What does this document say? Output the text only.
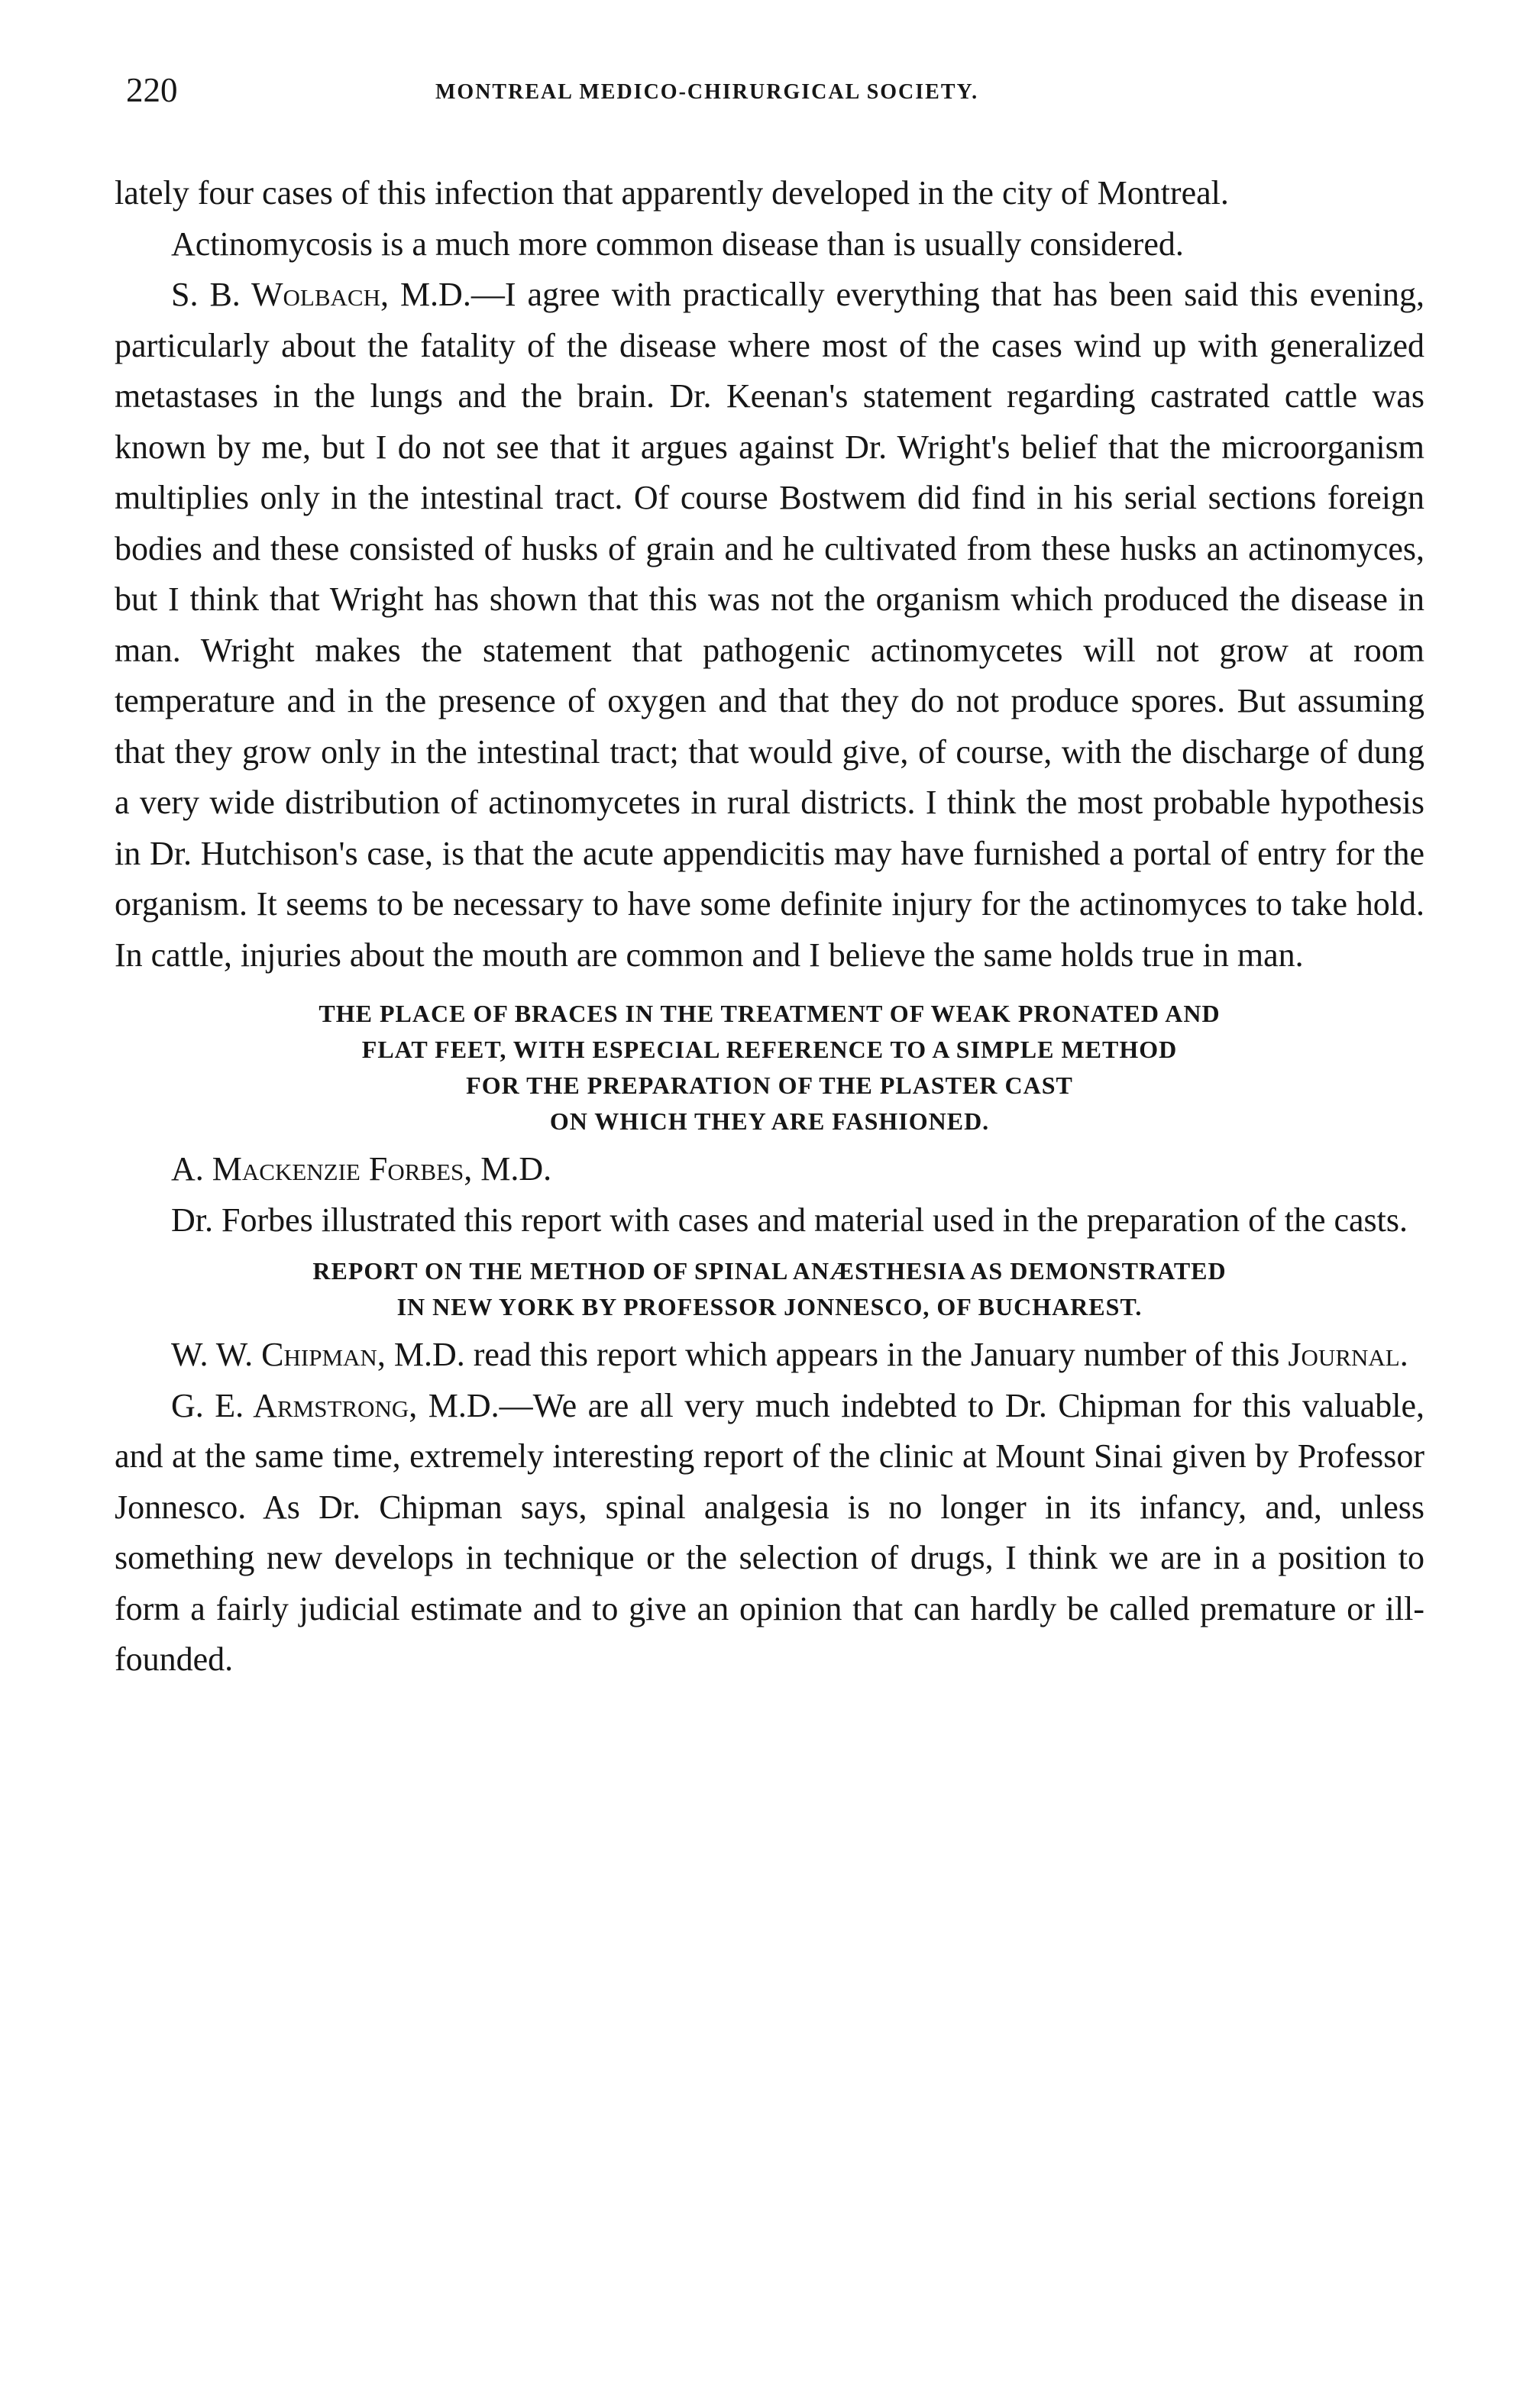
220	MONTREAL MEDICO-CHIRURGICAL SOCIETY.

lately four cases of this infection that apparently developed in the city of Montreal.

Actinomycosis is a much more common disease than is usually considered.

S. B. Wolbach, M.D.—I agree with practically everything that has been said this evening, particularly about the fatality of the disease where most of the cases wind up with generalized metastases in the lungs and the brain. Dr. Keenan's statement regarding castrated cattle was known by me, but I do not see that it argues against Dr. Wright's belief that the microorganism multiplies only in the intestinal tract. Of course Bostwem did find in his serial sections foreign bodies and these consisted of husks of grain and he cultivated from these husks an actinomyces, but I think that Wright has shown that this was not the organism which produced the disease in man. Wright makes the statement that pathogenic actinomycetes will not grow at room temperature and in the presence of oxygen and that they do not produce spores. But assuming that they grow only in the intestinal tract; that would give, of course, with the discharge of dung a very wide distribution of actinomycetes in rural districts. I think the most probable hypothesis in Dr. Hutchison's case, is that the acute appendicitis may have furnished a portal of entry for the organism. It seems to be necessary to have some definite injury for the actinomyces to take hold. In cattle, injuries about the mouth are common and I believe the same holds true in man.

THE PLACE OF BRACES IN THE TREATMENT OF WEAK PRONATED AND
FLAT FEET, WITH ESPECIAL REFERENCE TO A SIMPLE METHOD
FOR THE PREPARATION OF THE PLASTER CAST
ON WHICH THEY ARE FASHIONED.

A. Mackenzie Forbes, M.D.

Dr. Forbes illustrated this report with cases and material used in the preparation of the casts.

REPORT ON THE METHOD OF SPINAL ANÆSTHESIA AS DEMONSTRATED
IN NEW YORK BY PROFESSOR JONNESCO, OF BUCHAREST.

W. W. Chipman, M.D. read this report which appears in the January number of this Journal.

G. E. Armstrong, M.D.—We are all very much indebted to Dr. Chipman for this valuable, and at the same time, extremely interesting report of the clinic at Mount Sinai given by Professor Jonnesco. As Dr. Chipman says, spinal analgesia is no longer in its infancy, and, unless something new develops in technique or the selection of drugs, I think we are in a position to form a fairly judicial estimate and to give an opinion that can hardly be called premature or ill-founded.
